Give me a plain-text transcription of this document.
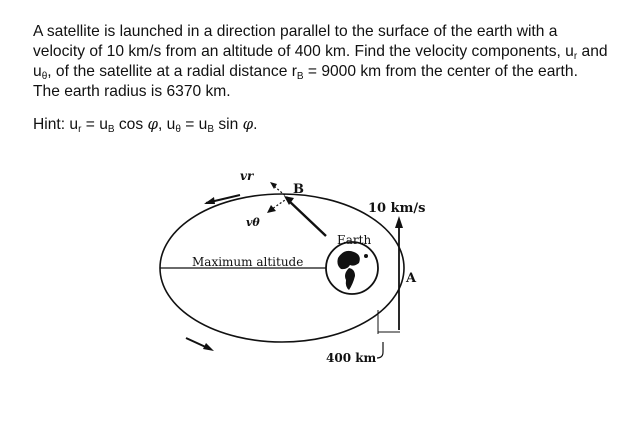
A satellite is launched in a direction parallel to the surface of the earth with a velocity of 10 km/s from an altitude of 400 km. Find the velocity components, $u_r$ and $u_\theta$, of the satellite at a radial distance $r_B = 9000$ km from the center of the earth. The earth radius is 6370 km.

Hint: $u_r = u_B$ cos φ, $u_\theta = u_B$ sin φ.

vr
vθ
B
10 km/s
Earth
Maximum altitude
A
400 km
